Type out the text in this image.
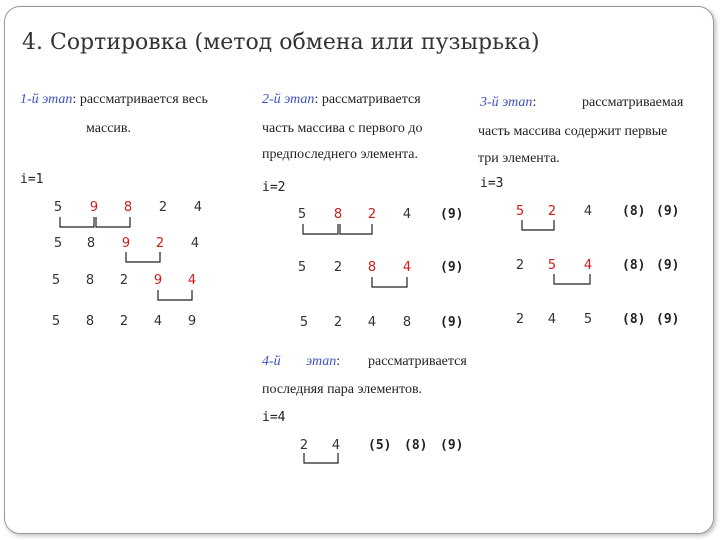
4. Сортировка (метод обмена или пузырька)
1-й этап: рассматривается весь
массив.
i=1
5 9 8 2 4
5 8 9 2 4
5 8 2 9 4
5 8 2 4 9
2-й этап: рассматривается
часть массива с первого до
предпоследнего элемента.
i=2
5 8 2 4 (9)
5 2 8 4 (9)
5 2 4 8 (9)
3-й этап:	рассматриваемая
часть массива содержит первые
три элемента.
i=3
5 2 4 (8) (9)
2 5 4 (8) (9)
2 4 5 (8) (9)
4-й этап: рассматривается
последняя пара элементов.
i=4
2 4 (5) (8) (9)
